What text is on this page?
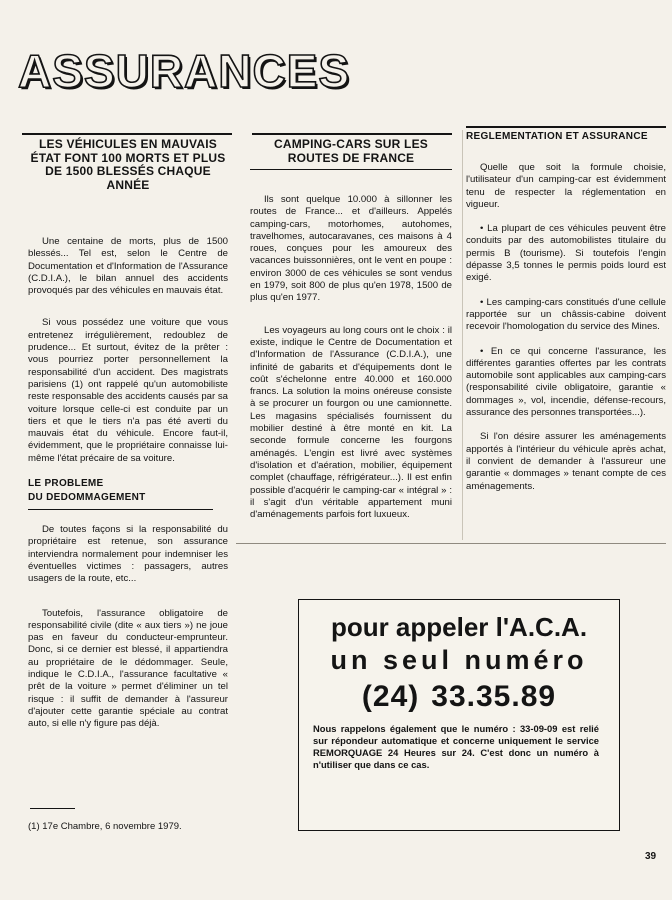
ASSURANCES

LES VÉHICULES EN MAUVAIS ÉTAT FONT 100 MORTS ET PLUS DE 1500 BLESSÉS CHAQUE ANNÉE

Une centaine de morts, plus de 1500 blessés... Tel est, selon le Centre de Documentation et d'Information de l'Assurance (C.D.I.A.), le bilan annuel des accidents provoqués par des véhicules en mauvais état.

Si vous possédez une voiture que vous entretenez irrégulièrement, redoublez de prudence... Et surtout, évitez de la prêter : vous pourriez porter personnellement la responsabilité d'un accident. Des magistrats parisiens (1) ont rappelé qu'un automobiliste reste responsable des accidents causés par sa voiture lorsque celle-ci est conduite par un tiers et que le tiers n'a pas été averti du mauvais état du véhicule. Encore faut-il, évidemment, que le propriétaire connaisse lui-même l'état précaire de sa voiture.

LE PROBLEME
DU DEDOMMAGEMENT

De toutes façons si la responsabilité du propriétaire est retenue, son assurance interviendra normalement pour indemniser les éventuelles victimes : passagers, autres usagers de la route, etc...

Toutefois, l'assurance obligatoire de responsabilité civile (dite « aux tiers ») ne joue pas en faveur du conducteur-emprunteur. Donc, si ce dernier est blessé, il appartiendra au propriétaire de le dédommager. Seule, indique le C.D.I.A., l'assurance facultative « prêt de la voiture » permet d'éliminer un tel risque : il suffit de demander à l'assureur d'ajouter cette garantie spéciale au contrat auto, si elle n'y figure pas déjà.

CAMPING-CARS SUR LES ROUTES DE FRANCE

Ils sont quelque 10.000 à sillonner les routes de France... et d'ailleurs. Appelés camping-cars, motorhomes, autohomes, travelhomes, autocaravanes, ces maisons à 4 roues, conçues pour les amoureux des vacances buissonnières, ont le vent en poupe : environ 3000 de ces véhicules se sont vendus en 1979, soit 800 de plus qu'en 1978, 1500 de plus qu'en 1977.

Les voyageurs au long cours ont le choix : il existe, indique le Centre de Documentation et d'Information de l'Assurance (C.D.I.A.), une infinité de gabarits et d'équipements dont le coût s'échelonne entre 40.000 et 160.000 francs. La solution la moins onéreuse consiste à se procurer un fourgon ou une camionnette. Les magasins spécialisés fournissent du mobilier destiné à être monté en kit. La seconde formule concerne les fourgons aménagés. L'engin est livré avec systèmes d'isolation et d'aération, mobilier, équipement complet (chauffage, réfrigérateur...). Il est enfin possible d'acquérir le camping-car « intégral » : il s'agit d'un véritable appartement muni d'aménagements parfois fort luxueux.

REGLEMENTATION ET ASSURANCE

Quelle que soit la formule choisie, l'utilisateur d'un camping-car est évidemment tenu de respecter la réglementation en vigueur.

• La plupart de ces véhicules peuvent être conduits par des automobilistes titulaire du permis B (tourisme). Si toutefois l'engin dépasse 3,5 tonnes le permis poids lourd est exigé.

• Les camping-cars constitués d'une cellule rapportée sur un châssis-cabine doivent recevoir l'homologation du service des Mines.

• En ce qui concerne l'assurance, les différentes garanties offertes par les contrats automobile sont applicables aux camping-cars (responsabilité civile obligatoire, garantie « dommages », vol, incendie, défense-recours, assurance des personnes transportées...).

Si l'on désire assurer les aménagements apportés à l'intérieur du véhicule après achat, il convient de demander à l'assureur une garantie « dommages » tenant compte de ces aménagements.

pour appeler l'A.C.A.
un seul numéro
(24) 33.35.89
Nous rappelons également que le numéro : 33-09-09 est relié sur répondeur automatique et concerne uniquement le service REMORQUAGE 24 Heures sur 24. C'est donc un numéro à n'utiliser que dans ce cas.
(1) 17e Chambre, 6 novembre 1979.
39
